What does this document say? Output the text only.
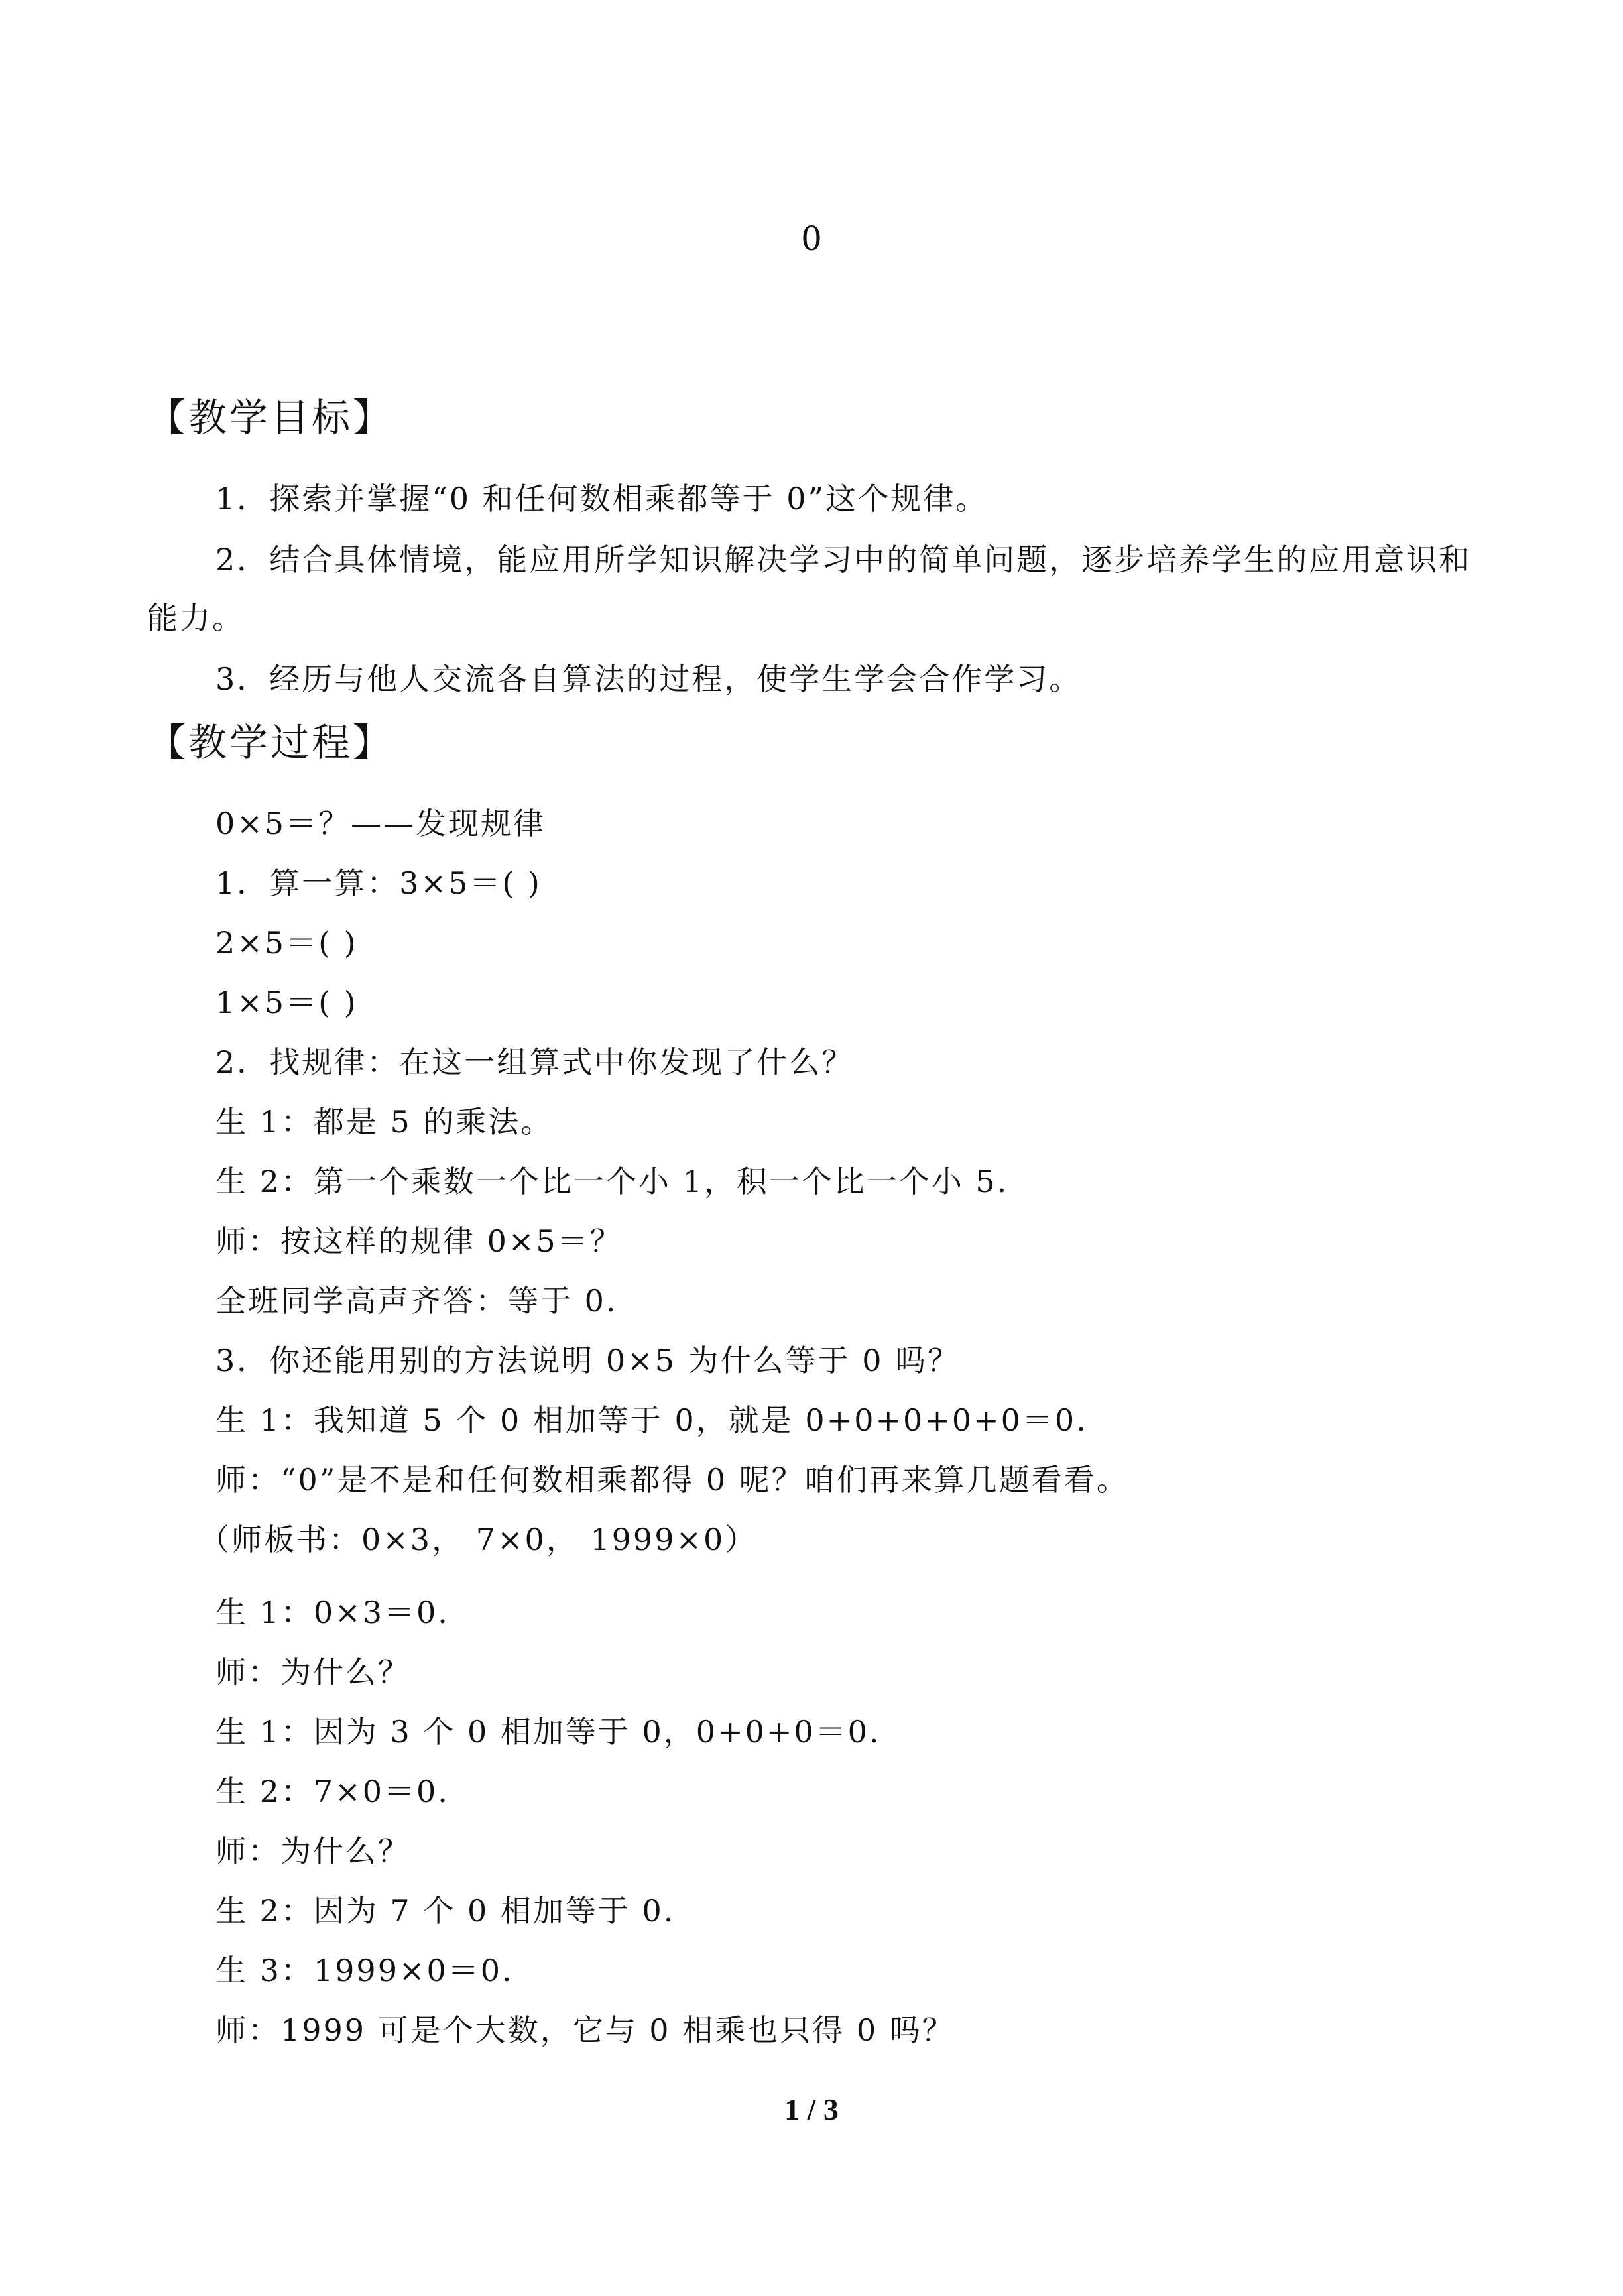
0
【教学目标】
1．探索并掌握“0 和任何数相乘都等于 0”这个规律。
2．结合具体情境，能应用所学知识解决学习中的简单问题，逐步培养学生的应用意识和
能力。
3．经历与他人交流各自算法的过程，使学生学会合作学习。
【教学过程】
0×5＝？——发现规律
1．算一算：3×5＝( )
2×5＝( )
1×5＝( )
2．找规律：在这一组算式中你发现了什么？
生 1：都是 5 的乘法。
生 2：第一个乘数一个比一个小 1，积一个比一个小 5.
师：按这样的规律 0×5＝？
全班同学高声齐答：等于 0.
3．你还能用别的方法说明 0×5 为什么等于 0 吗？
生 1：我知道 5 个 0 相加等于 0，就是 0+0+0+0+0＝0.
师：“0”是不是和任何数相乘都得 0 呢？咱们再来算几题看看。
（师板书：0×3， 7×0， 1999×0）
生 1：0×3＝0.
师：为什么？
生 1：因为 3 个 0 相加等于 0，0+0+0＝0.
生 2：7×0＝0.
师：为什么？
生 2：因为 7 个 0 相加等于 0.
生 3：1999×0＝0.
师：1999 可是个大数，它与 0 相乘也只得 0 吗？
1 / 3
